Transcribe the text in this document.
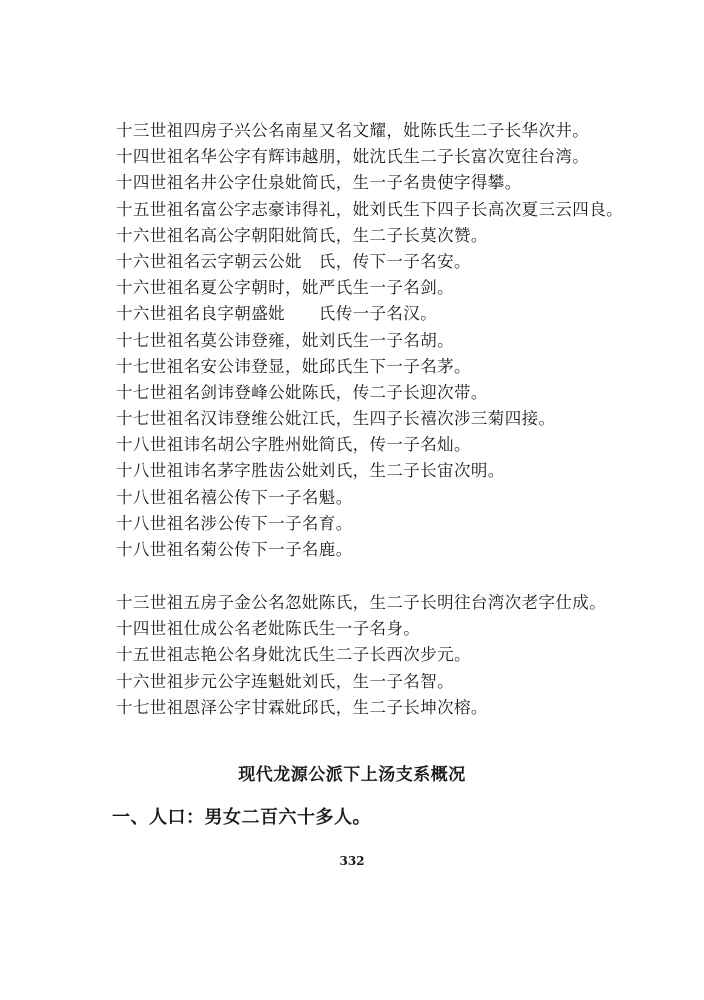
十三世祖四房子兴公名南星又名文耀，妣陈氏生二子长华次井。
十四世祖名华公字有辉讳越朋，妣沈氏生二子长富次宽往台湾。
十四世祖名井公字仕泉妣简氏，生一子名贵使字得攀。
十五世祖名富公字志豪讳得礼，妣刘氏生下四子长高次夏三云四良。
十六世祖名高公字朝阳妣简氏，生二子长莫次赞。
十六世祖名云字朝云公妣　氏，传下一子名安。
十六世祖名夏公字朝时，妣严氏生一子名剑。
十六世祖名良字朝盛妣　　氏传一子名汉。
十七世祖名莫公讳登雍，妣刘氏生一子名胡。
十七世祖名安公讳登显，妣邱氏生下一子名茅。
十七世祖名剑讳登峰公妣陈氏，传二子长迎次带。
十七世祖名汉讳登维公妣江氏，生四子长禧次涉三菊四接。
十八世祖讳名胡公字胜州妣简氏，传一子名灿。
十八世祖讳名茅字胜齿公妣刘氏，生二子长宙次明。
十八世祖名禧公传下一子名魁。
十八世祖名涉公传下一子名育。
十八世祖名菊公传下一子名鹿。
十三世祖五房子金公名忽妣陈氏，生二子长明往台湾次老字仕成。
十四世祖仕成公名老妣陈氏生一子名身。
十五世祖志艳公名身妣沈氏生二子长西次步元。
十六世祖步元公字连魁妣刘氏，生一子名智。
十七世祖恩泽公字甘霖妣邱氏，生二子长坤次榕。
现代龙源公派下上汤支系概况
一、人口：男女二百六十多人。
332
